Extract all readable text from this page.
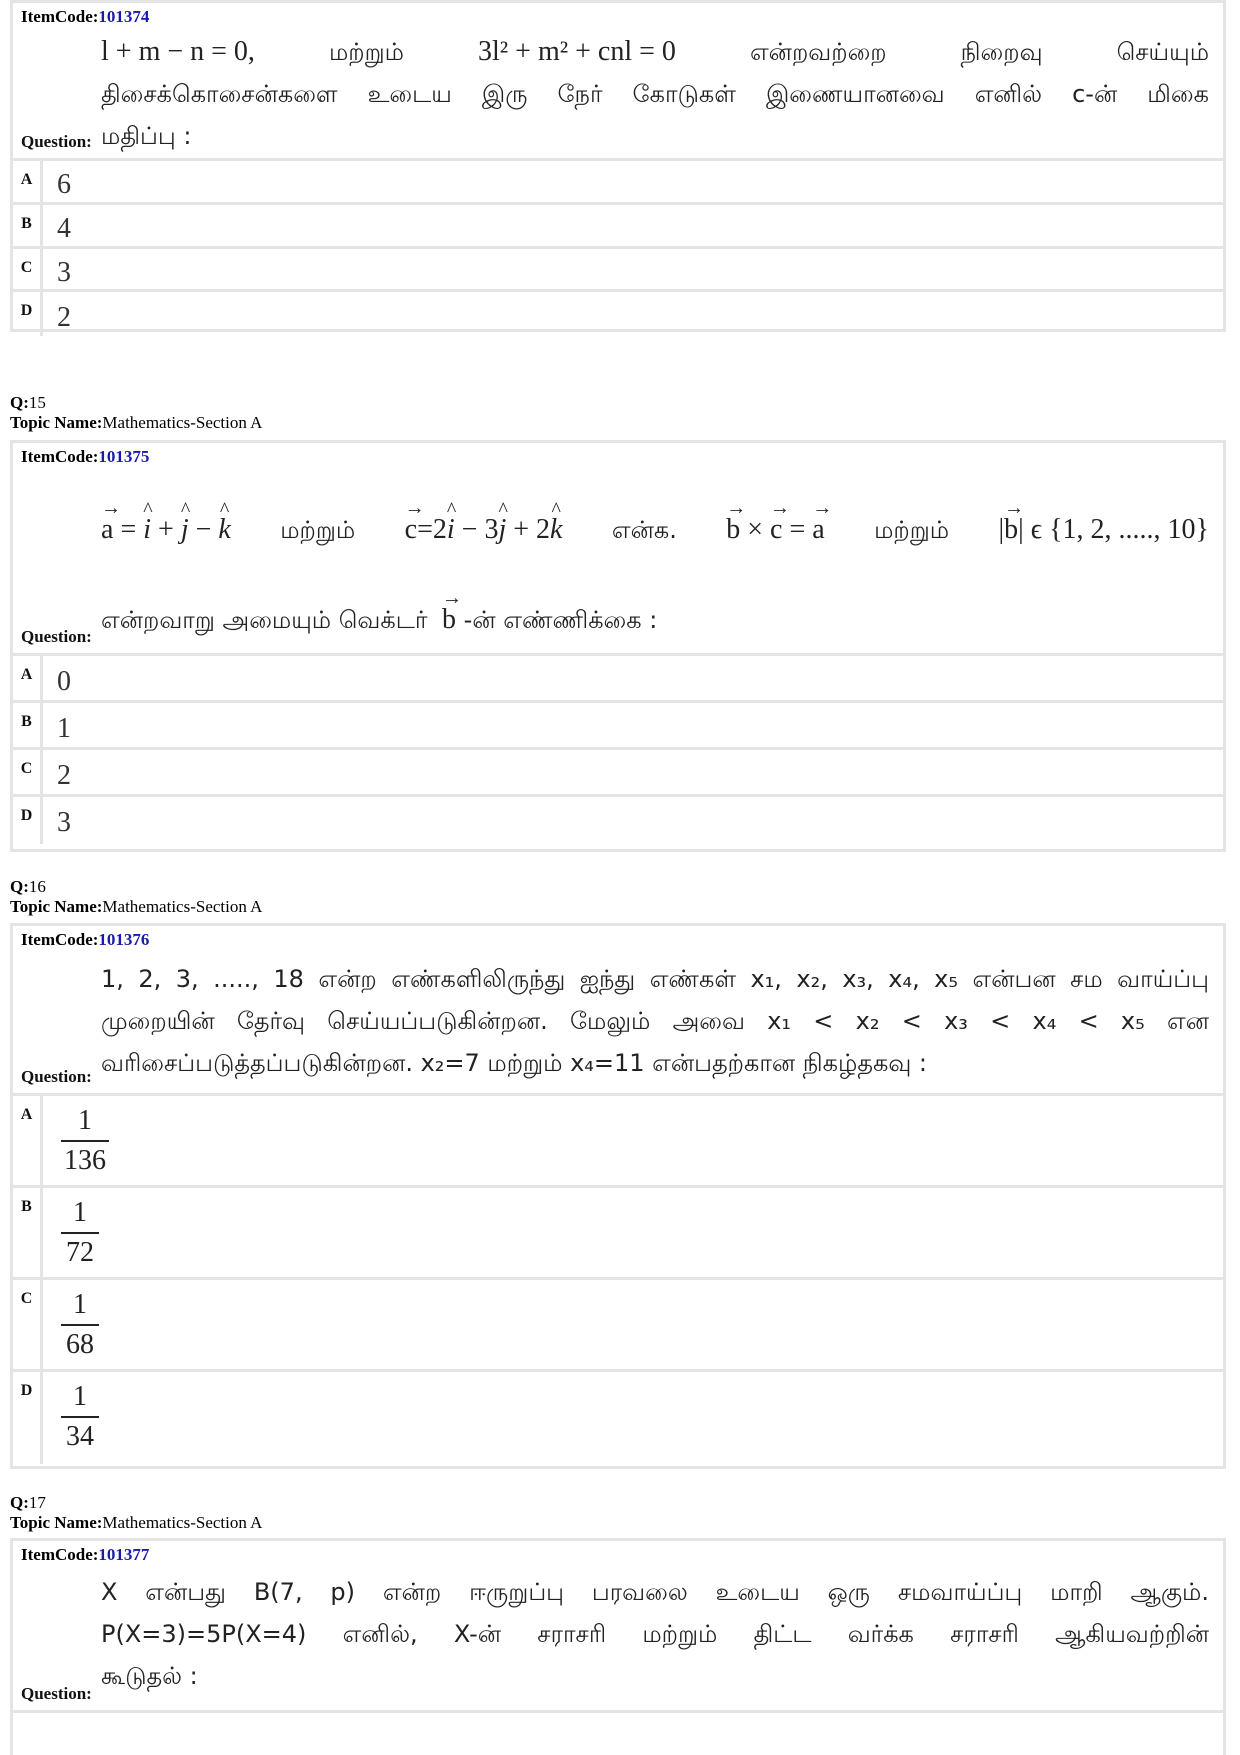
ItemCode:101374
l + m − n = 0,	மற்றும்	3l² + m² + cnl = 0	என்றவற்றை	நிறைவு	செய்யும்
திசைக்கொசைன்களை உடைய இரு நேர் கோடுகள் இணையானவை எனில் c-ன் மிகை
மதிப்பு :
Question:
A 6
B 4
C 3
D 2
Q:15
Topic Name:Mathematics-Section A
ItemCode:101375
→ a = ^ i + ^ j − ^ k மற்றும் → c=2^ i − 3^ j + 2^ k என்க. → b × → c = → a மற்றும் |→ b| ϵ {1, 2, ....., 10}
என்றவாறு அமையும் வெக்டர் → b -ன் எண்ணிக்கை :
Question:
A 0
B 1
C 2
D 3
Q:16
Topic Name:Mathematics-Section A
ItemCode:101376
1, 2, 3, ....., 18 என்ற எண்களிலிருந்து ஐந்து எண்கள் x₁, x₂, x₃, x₄, x₅ என்பன சம வாய்ப்பு
முறையின் தேர்வு செய்யப்படுகின்றன. மேலும் அவை x₁ < x₂ < x₃ < x₄ < x₅ என
வரிசைப்படுத்தப்படுகின்றன. x₂=7 மற்றும் x₄=11 என்பதற்கான நிகழ்தகவு :
Question:
A	1
136
B	1
72
C	1
68
D	1
34
Q:17
Topic Name:Mathematics-Section A
ItemCode:101377
X என்பது B(7, p) என்ற ஈருறுப்பு பரவலை உடைய ஒரு சமவாய்ப்பு மாறி ஆகும்.
P(X=3)=5P(X=4) எனில், X-ன் சராசரி மற்றும் திட்ட வர்க்க சராசரி ஆகியவற்றின்
கூடுதல் :
Question:
